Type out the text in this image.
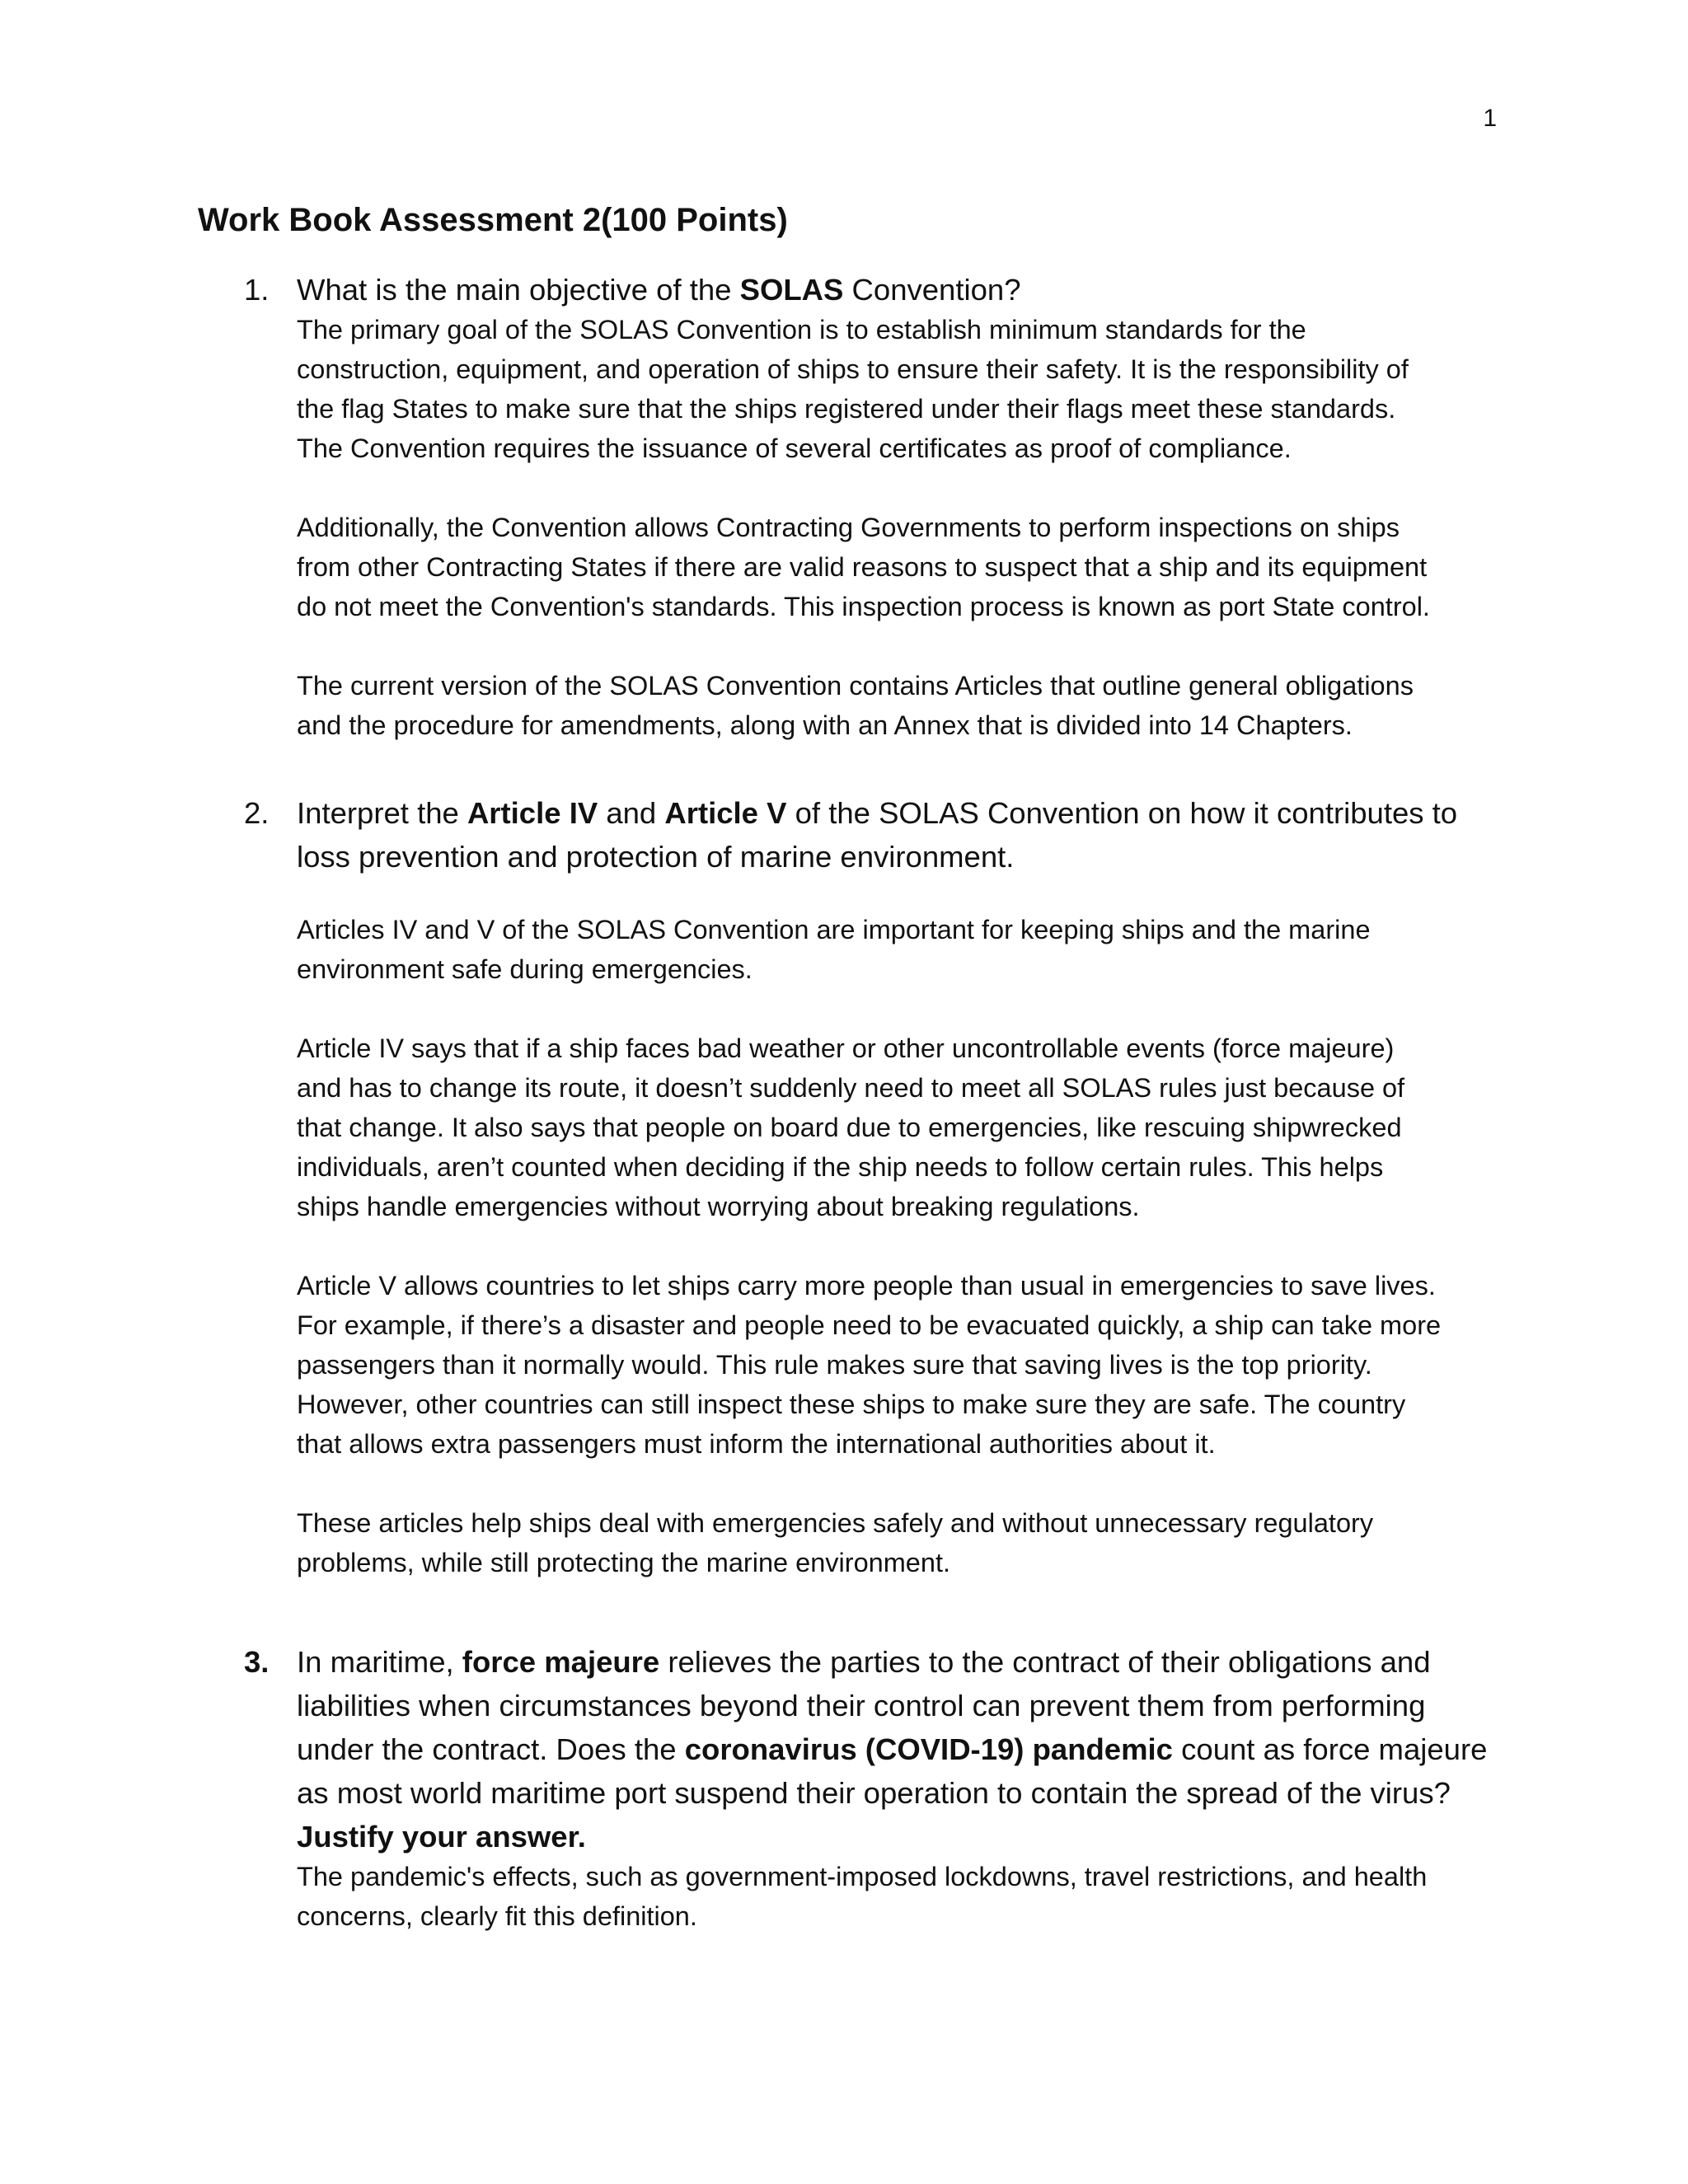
1
Work Book Assessment 2(100 Points)
1. What is the main objective of the SOLAS Convention?
The primary goal of the SOLAS Convention is to establish minimum standards for the
construction, equipment, and operation of ships to ensure their safety. It is the responsibility of
the flag States to make sure that the ships registered under their flags meet these standards.
The Convention requires the issuance of several certificates as proof of compliance.
Additionally, the Convention allows Contracting Governments to perform inspections on ships
from other Contracting States if there are valid reasons to suspect that a ship and its equipment
do not meet the Convention's standards. This inspection process is known as port State control.
The current version of the SOLAS Convention contains Articles that outline general obligations
and the procedure for amendments, along with an Annex that is divided into 14 Chapters.
2. Interpret the Article IV and Article V of the SOLAS Convention on how it contributes to
loss prevention and protection of marine environment.
Articles IV and V of the SOLAS Convention are important for keeping ships and the marine
environment safe during emergencies.
Article IV says that if a ship faces bad weather or other uncontrollable events (force majeure)
and has to change its route, it doesn’t suddenly need to meet all SOLAS rules just because of
that change. It also says that people on board due to emergencies, like rescuing shipwrecked
individuals, aren’t counted when deciding if the ship needs to follow certain rules. This helps
ships handle emergencies without worrying about breaking regulations.
Article V allows countries to let ships carry more people than usual in emergencies to save lives.
For example, if there’s a disaster and people need to be evacuated quickly, a ship can take more
passengers than it normally would. This rule makes sure that saving lives is the top priority.
However, other countries can still inspect these ships to make sure they are safe. The country
that allows extra passengers must inform the international authorities about it.
These articles help ships deal with emergencies safely and without unnecessary regulatory
problems, while still protecting the marine environment.
3. In maritime, force majeure relieves the parties to the contract of their obligations and
liabilities when circumstances beyond their control can prevent them from performing
under the contract. Does the coronavirus (COVID-19) pandemic count as force majeure
as most world maritime port suspend their operation to contain the spread of the virus?
Justify your answer.
The pandemic's effects, such as government-imposed lockdowns, travel restrictions, and health
concerns, clearly fit this definition.
